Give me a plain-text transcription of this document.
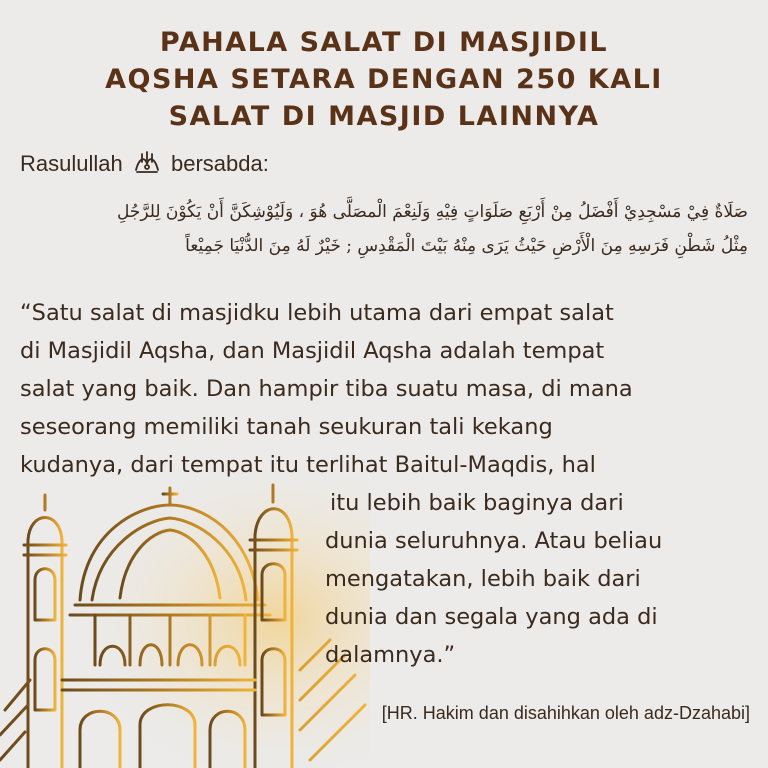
PAHALA SALAT DI MASJIDIL
AQSHA SETARA DENGAN 250 KALI
SALAT DI MASJID LAINNYA
Rasulullah bersabda:
صَلَاةٌ فِيْ مَسْجِدِيْ أَفْضَلُ مِنْ أَرْبَعِ صَلَوَاتٍ فِيْهِ وَلَنِعْمَ الْمصَلَّى هُوَ ، وَلَيُوْشِكَنَّ أَنْ يَكُوْنَ لِلرَّجُلِ
مِثْلُ شَطْنِ فَرَسِهِ مِنَ الْأَرْضِ حَيْثُ يَرَى مِنْهُ بَيْتَ الْمَقْدِسِ ; خَيْرٌ لَهُ مِنَ الدُّنْيَا جَمِيْعاً
“Satu salat di masjidku lebih utama dari empat salat
di Masjidil Aqsha, dan Masjidil Aqsha adalah tempat
salat yang baik. Dan hampir tiba suatu masa, di mana
seseorang memiliki tanah seukuran tali kekang
kudanya, dari tempat itu terlihat Baitul-Maqdis, hal
itu lebih baik baginya dari
dunia seluruhnya. Atau beliau
mengatakan, lebih baik dari
dunia dan segala yang ada di
dalamnya.”
[HR. Hakim dan disahihkan oleh adz-Dzahabi]
